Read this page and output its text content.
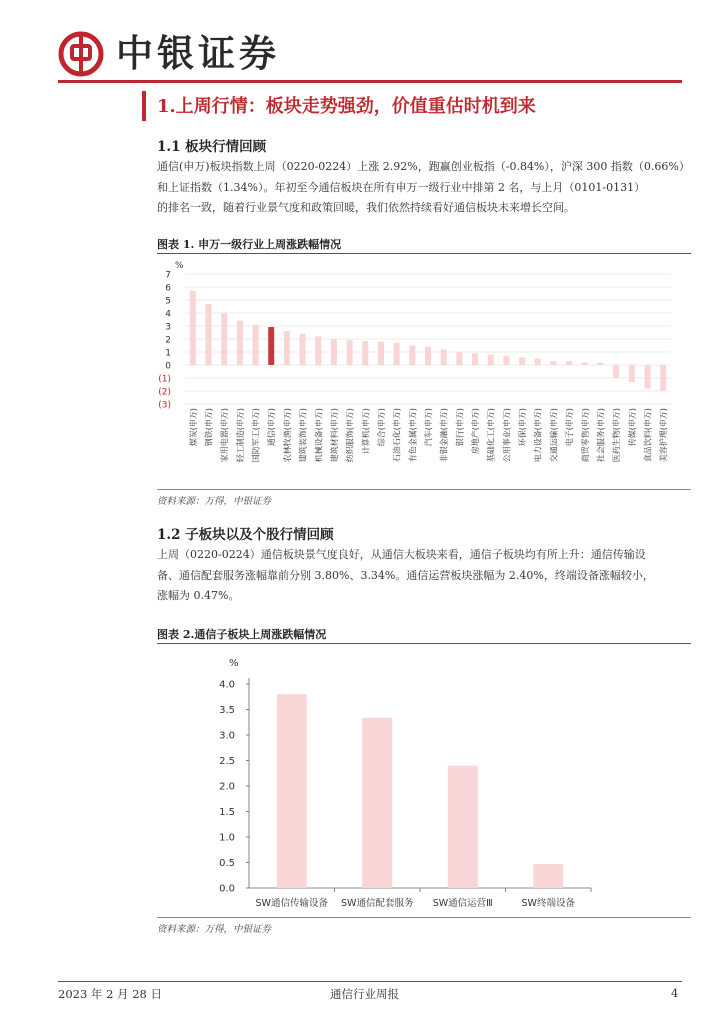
中银证券
1.上周行情：板块走势强劲，价值重估时机到来
1.1 板块行情回顾
通信(申万)板块指数上周（0220-0224）上涨 2.92%，跑赢创业板指（-0.84%），沪深 300 指数（0.66%）
和上证指数（1.34%）。年初至今通信板块在所有申万一级行业中排第 2 名，与上月（0101-0131）
的排名一致，随着行业景气度和政策回暖，我们依然持续看好通信板块未来增长空间。
图表 1. 申万一级行业上周涨跌幅情况
%
7
6
5
4
3
2
1
0
(1)
(2)
(3)
煤炭(申万) 钢铁(申万) 家用电器(申万) 轻工制造(申万) 国防军工(申万) 通信(申万) 农林牧渔(申万) 建筑装饰(申万) 机械设备(申万) 建筑材料(申万) 纺织服饰(申万) 计算机(申万) 综合(申万) 石油石化(申万) 有色金属(申万) 汽车(申万) 非银金融(申万) 银行(申万) 房地产(申万) 基础化工(申万) 公用事业(申万) 环保(申万) 电力设备(申万) 交通运输(申万) 电子(申万) 商贸零售(申万) 社会服务(申万) 医药生物(申万) 传媒(申万) 食品饮料(申万) 美容护理(申万)
资料来源：万得，中银证券
1.2 子板块以及个股行情回顾
上周（0220-0224）通信板块景气度良好，从通信大板块来看，通信子板块均有所上升：通信传输设
备、通信配套服务涨幅靠前分别 3.80%、3.34%。通信运营板块涨幅为 2.40%，终端设备涨幅较小，
涨幅为 0.47%。
图表 2.通信子板块上周涨跌幅情况
%
4.0
3.5
3.0
2.5
2.0
1.5
1.0
0.5
0.0
SW通信传输设备 SW通信配套服务 SW通信运营Ⅲ	SW终端设备
资料来源：万得，中银证券
2023 年 2 月 28 日	通信行业周报	4
